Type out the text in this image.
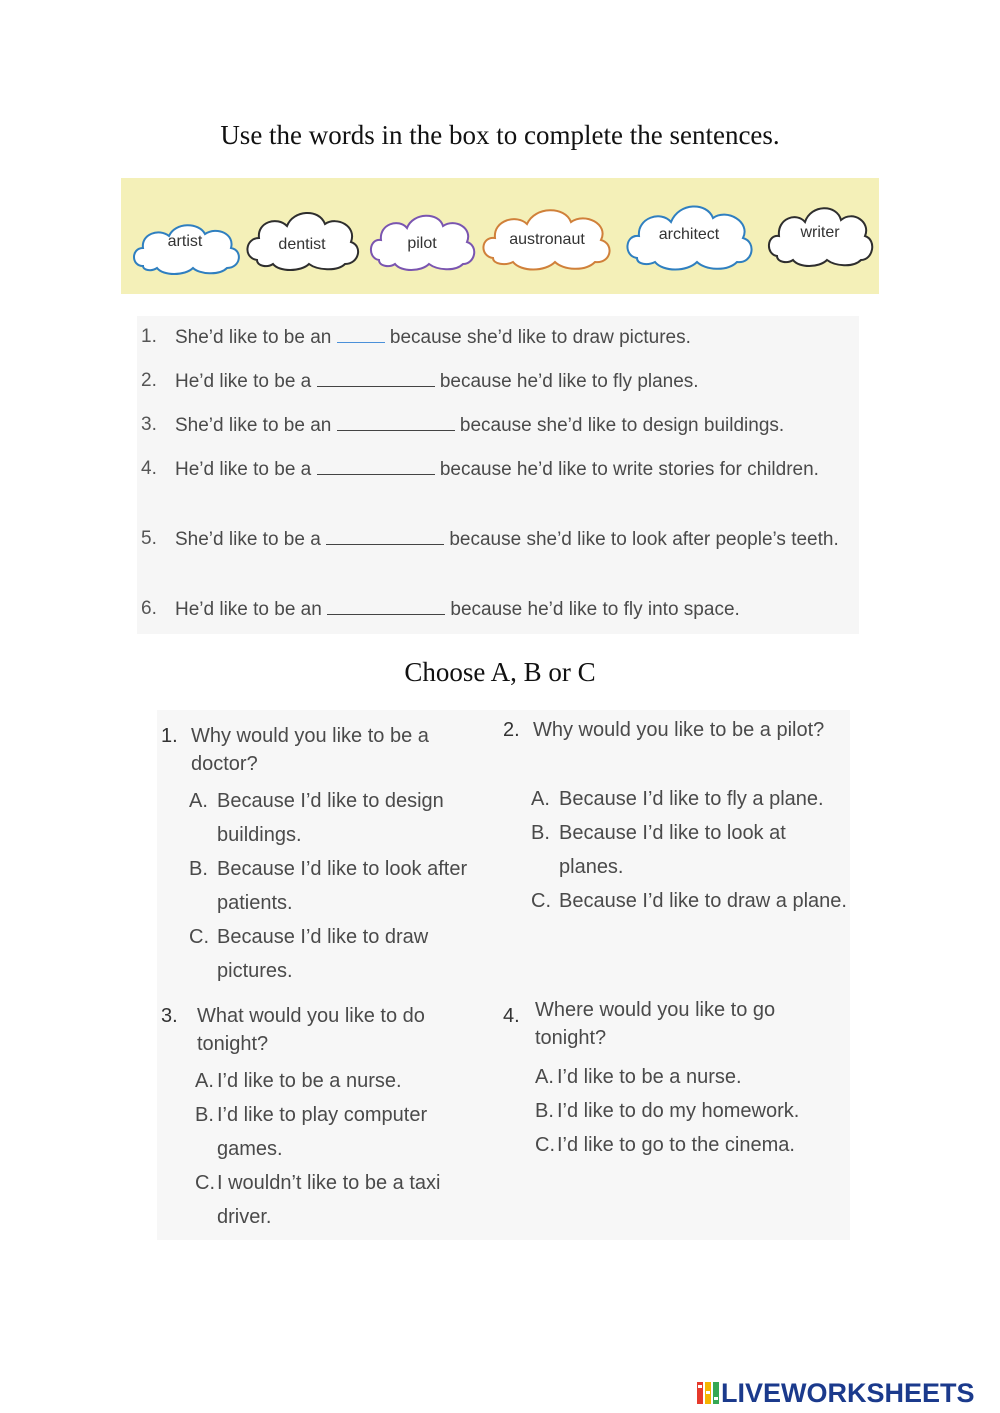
Use the words in the box to complete the sentences.
artist	dentist	pilot	austronaut	architect	writer
1. She’d like to be an	because she’d like to draw pictures.
2. He’d like to be a	because he’d like to fly planes.
3. She’d like to be an	because she’d like to design buildings.
4. He’d like to be a	because he’d like to write stories for children.
5. She’d like to be a	because she’d like to look after people’s teeth.
6. He’d like to be an	because he’d like to fly into space.
Choose A, B or C
1. Why would you like to be a doctor?
A. Because I’d like to design buildings.
B. Because I’d like to look after patients.
C. Because I’d like to draw pictures.
2. Why would you like to be a pilot?
A. Because I’d like to fly a plane.
B. Because I’d like to look at planes.
C. Because I’d like to draw a plane.
3. What would you like to do tonight?
A. I’d like to be a nurse.
B. I’d like to play computer games.
C. I wouldn’t like to be a taxi driver.
4. Where would you like to go tonight?
A. I’d like to be a nurse.
B. I’d like to do my homework.
C. I’d like to go to the cinema.
LIVEWORKSHEETS
